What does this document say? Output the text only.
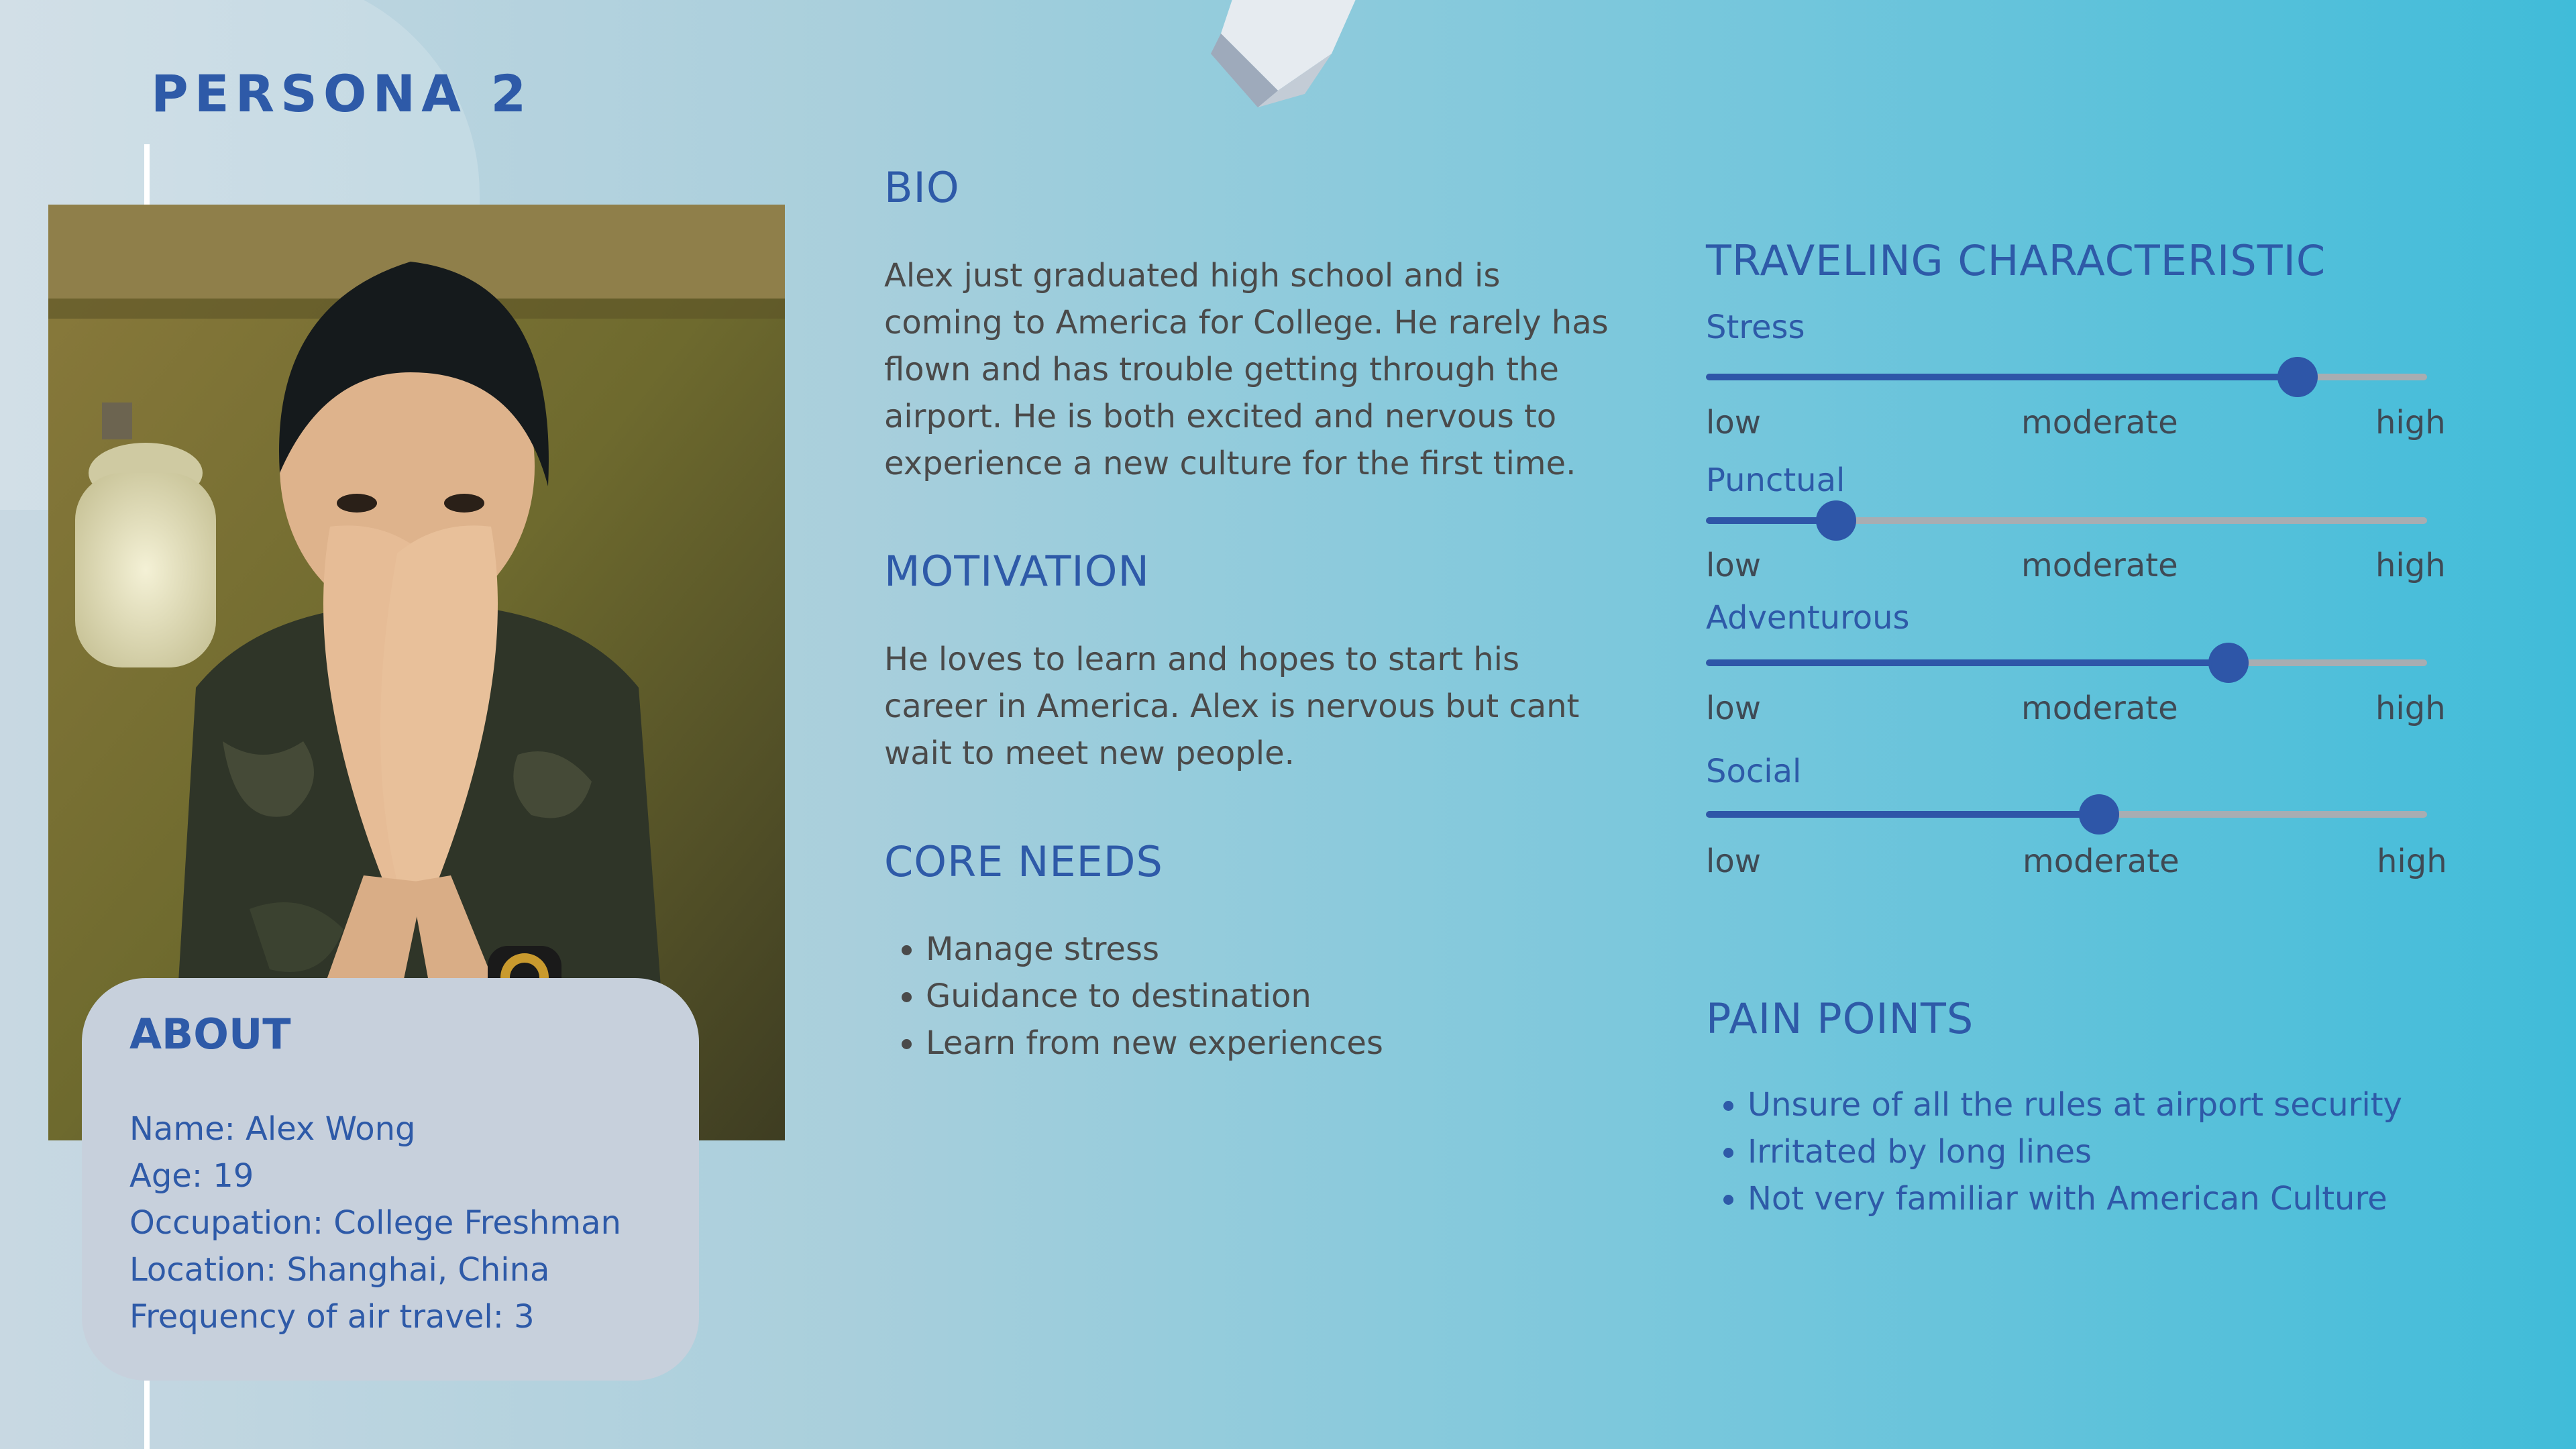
PERSONA 2
ABOUT
Name: Alex Wong
Age: 19
Occupation: College Freshman
Location: Shanghai, China
Frequency of air travel: 3
BIO
Alex just graduated high school and is coming to America for College. He rarely has flown and has trouble getting through the airport. He is both excited and nervous to experience a new culture for the first time.
MOTIVATION
He loves to learn and hopes to start his career in America. Alex is nervous but cant wait to meet new people.
CORE NEEDS
• Manage stress
• Guidance to destination
• Learn from new experiences
TRAVELING CHARACTERISTIC
Stress
low	moderate	high
Punctual
low	moderate	high
Adventurous
low	moderate	high
Social
low	moderate	high
PAIN POINTS
• Unsure of all the rules at airport security
• Irritated by long lines
• Not very familiar with American Culture
